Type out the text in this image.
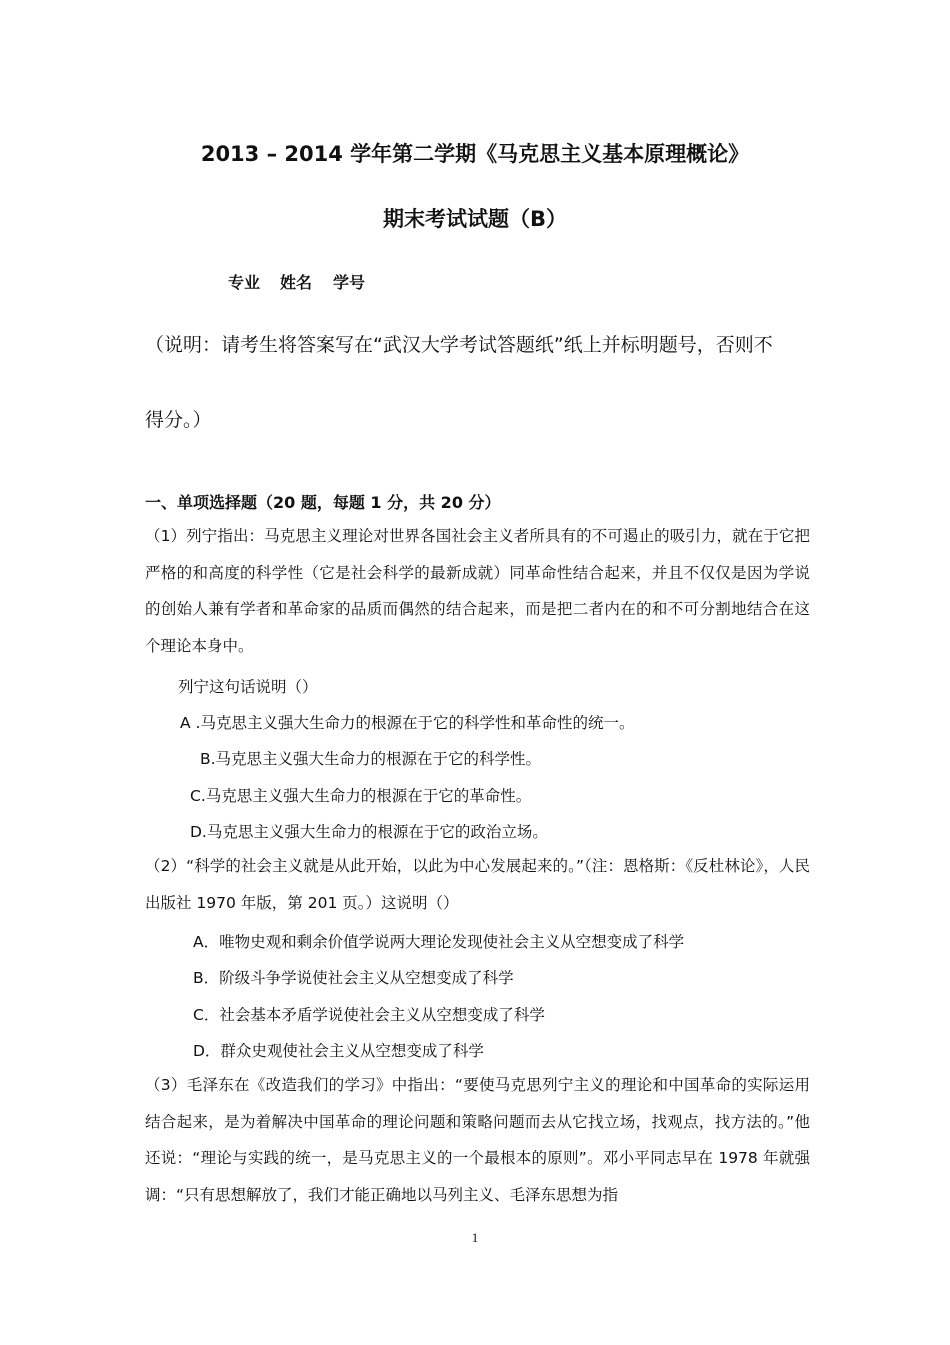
2013 – 2014 学年第二学期《马克思主义基本原理概论》
期末考试试题（B）
专业 姓名 学号
（说明：请考生将答案写在“武汉大学考试答题纸”纸上并标明题号，否则不
得分。）
一、单项选择题（20 题，每题 1 分，共 20 分）
（1）列宁指出：马克思主义理论对世界各国社会主义者所具有的不可遏止的吸引力，就在于它把严格的和高度的科学性（它是社会科学的最新成就）同革命性结合起来，并且不仅仅是因为学说的创始人兼有学者和革命家的品质而偶然的结合起来，而是把二者内在的和不可分割地结合在这个理论本身中。
列宁这句话说明（）
A .马克思主义强大生命力的根源在于它的科学性和革命性的统一。
B.马克思主义强大生命力的根源在于它的科学性。
C.马克思主义强大生命力的根源在于它的革命性。
D.马克思主义强大生命力的根源在于它的政治立场。
（2）“科学的社会主义就是从此开始，以此为中心发展起来的。”（注：恩格斯：《反杜林论》，人民出版社 1970 年版，第 201 页。）这说明（）
A．唯物史观和剩余价值学说两大理论发现使社会主义从空想变成了科学
B．阶级斗争学说使社会主义从空想变成了科学
C．社会基本矛盾学说使社会主义从空想变成了科学
D．群众史观使社会主义从空想变成了科学
（3）毛泽东在《改造我们的学习》中指出：“要使马克思列宁主义的理论和中国革命的实际运用结合起来，是为着解决中国革命的理论问题和策略问题而去从它找立场，找观点，找方法的。”他还说：“理论与实践的统一，是马克思主义的一个最根本的原则”。邓小平同志早在 1978 年就强调：“只有思想解放了，我们才能正确地以马列主义、毛泽东思想为指
1
